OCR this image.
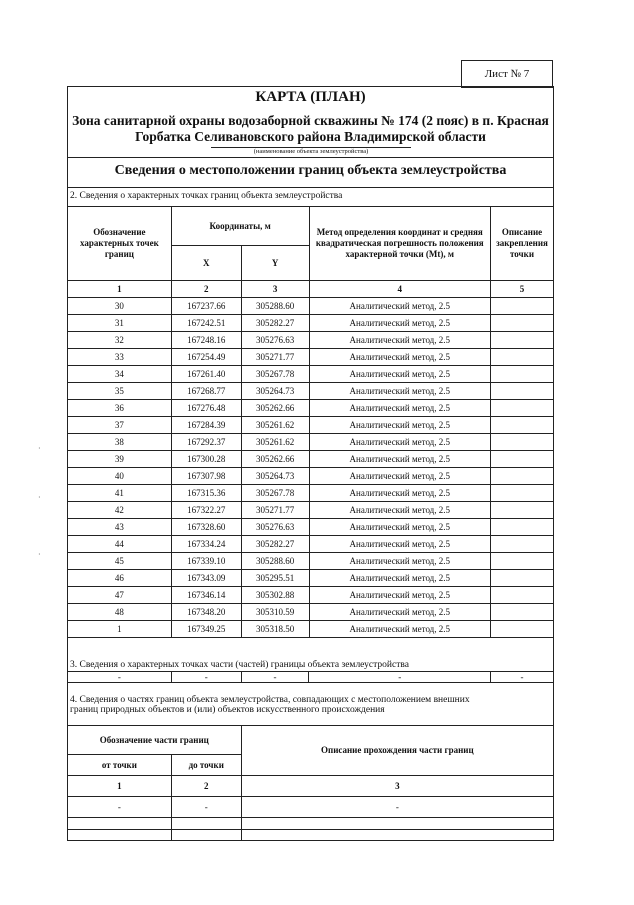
Лист № 7
·
·
·
КАРТА (ПЛАН)
Зона санитарной охраны водозаборной скважины № 174 (2 пояс) в п. Красная
Горбатка Селивановского района Владимирской области
(наименование объекта землеустройства)
Сведения о местоположении границ объекта землеустройства
2. Сведения о характерных точках границ объекта землеустройства
Обозначение характерных точек границ	Координаты, м		Метод определения координат и средняя квадратическая погрешность положения характерной точки (Mt), м	Описание закрепления точки
	X	Y		
1	2	3	4	5
30	167237.66	305288.60	Аналитический метод, 2.5	
31	167242.51	305282.27	Аналитический метод, 2.5	
32	167248.16	305276.63	Аналитический метод, 2.5	
33	167254.49	305271.77	Аналитический метод, 2.5	
34	167261.40	305267.78	Аналитический метод, 2.5	
35	167268.77	305264.73	Аналитический метод, 2.5	
36	167276.48	305262.66	Аналитический метод, 2.5	
37	167284.39	305261.62	Аналитический метод, 2.5	
38	167292.37	305261.62	Аналитический метод, 2.5	
39	167300.28	305262.66	Аналитический метод, 2.5	
40	167307.98	305264.73	Аналитический метод, 2.5	
41	167315.36	305267.78	Аналитический метод, 2.5	
42	167322.27	305271.77	Аналитический метод, 2.5	
43	167328.60	305276.63	Аналитический метод, 2.5	
44	167334.24	305282.27	Аналитический метод, 2.5	
45	167339.10	305288.60	Аналитический метод, 2.5	
46	167343.09	305295.51	Аналитический метод, 2.5	
47	167346.14	305302.88	Аналитический метод, 2.5	
48	167348.20	305310.59	Аналитический метод, 2.5	
1	167349.25	305318.50	Аналитический метод, 2.5	
3. Сведения о характерных точках части (частей) границы объекта землеустройства
-	-	-	-	-
4. Сведения о частях границ объекта землеустройства, совпадающих с местоположением внешних
границ природных объектов и (или) объектов искусственного происхождения
Обозначение части границ		Описание прохождения части границ
от точки	до точки	
1	2	3
-	-	-
